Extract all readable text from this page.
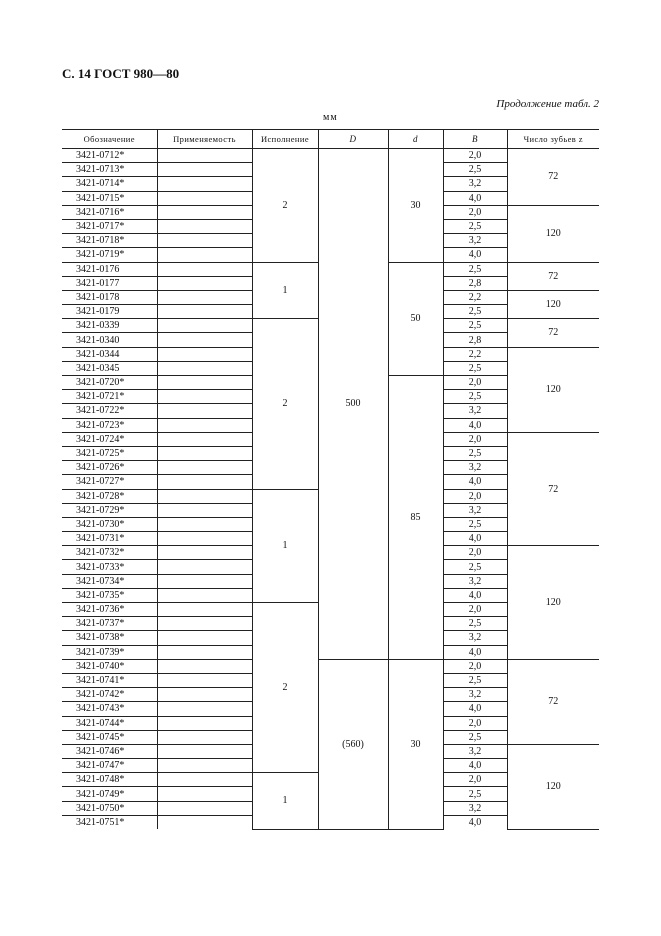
С. 14 ГОСТ 980—80
Продолжение табл. 2
мм
Обозначение	Применяемость	Исполнение	D	d	B	Число зубьев z
3421-0712*		2	500	30	2,0	72
3421-0713*					2,5	
3421-0714*					3,2	
3421-0715*					4,0	
3421-0716*					2,0	120
3421-0717*					2,5	
3421-0718*					3,2	
3421-0719*					4,0	
3421-0176		1		50	2,5	72
3421-0177					2,8	
3421-0178					2,2	120
3421-0179					2,5	
3421-0339		2			2,5	72
3421-0340					2,8	
3421-0344					2,2	120
3421-0345					2,5	
3421-0720*				85	2,0	
3421-0721*					2,5	
3421-0722*					3,2	
3421-0723*					4,0	
3421-0724*					2,0	72
3421-0725*					2,5	
3421-0726*					3,2	
3421-0727*					4,0	
3421-0728*		1			2,0	
3421-0729*					3,2	
3421-0730*					2,5	
3421-0731*					4,0	
3421-0732*					2,0	120
3421-0733*					2,5	
3421-0734*					3,2	
3421-0735*					4,0	
3421-0736*		2			2,0	
3421-0737*					2,5	
3421-0738*					3,2	
3421-0739*					4,0	
3421-0740*			(560)	30	2,0	72
3421-0741*					2,5	
3421-0742*					3,2	
3421-0743*					4,0	
3421-0744*					2,0	
3421-0745*					2,5	
3421-0746*					3,2	120
3421-0747*					4,0	
3421-0748*		1			2,0	
3421-0749*					2,5	
3421-0750*					3,2	
3421-0751*					4,0	
